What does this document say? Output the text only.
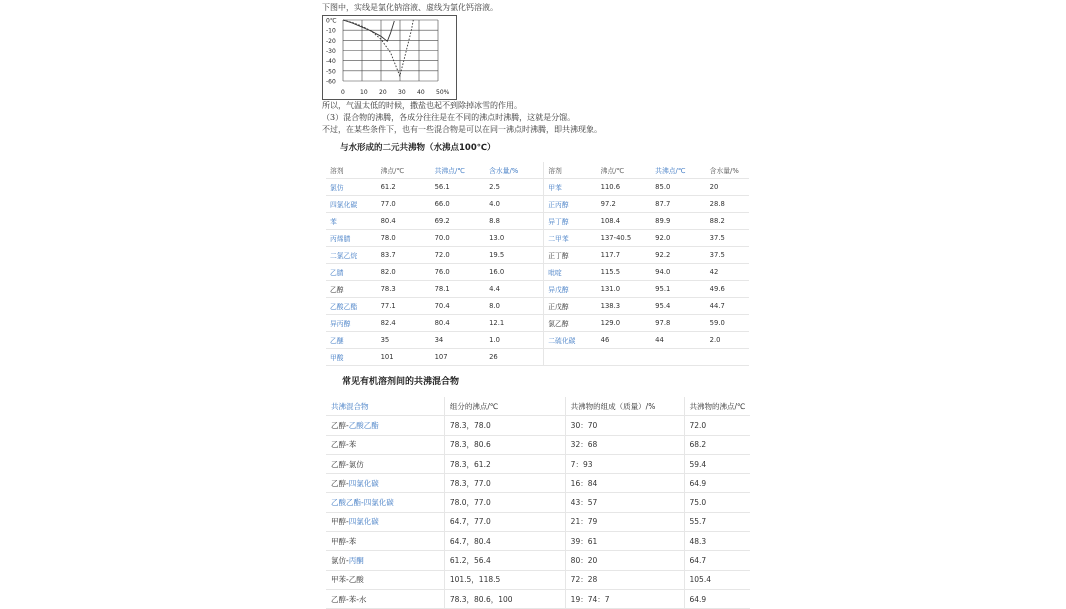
下图中，实线是氯化钠溶液、虚线为氯化钙溶液。
0℃
-10
-20
-30
-40
-50
-60
0	10 20 30 40 50%
所以，气温太低的时候，撒盐也起不到除掉冰雪的作用。
（3）混合物的沸腾，各成分往往是在不同的沸点时沸腾，这就是分馏。
不过，在某些条件下，也有一些混合物是可以在同一沸点时沸腾，即共沸现象。
与水形成的二元共沸物（水沸点100℃）
溶剂	沸点/℃	共沸点/℃	含水量/%	溶剂	沸点/℃	共沸点/℃	含水量/%
氯仿	61.2	56.1	2.5	甲苯	110.6	85.0	20
四氯化碳	77.0	66.0	4.0	正丙醇	97.2	87.7	28.8
苯	80.4	69.2	8.8	异丁醇	108.4	89.9	88.2
丙烯腈	78.0	70.0	13.0	二甲苯	137-40.5	92.0	37.5
二氯乙烷	83.7	72.0	19.5	正丁醇	117.7	92.2	37.5
乙腈	82.0	76.0	16.0	吡啶	115.5	94.0	42
乙醇	78.3	78.1	4.4	异戊醇	131.0	95.1	49.6
乙酸乙酯	77.1	70.4	8.0	正戊醇	138.3	95.4	44.7
异丙醇	82.4	80.4	12.1	氯乙醇	129.0	97.8	59.0
乙醚	35	34	1.0	二硫化碳	46	44	2.0
甲酸	101	107	26				
常见有机溶剂间的共沸混合物
共沸混合物	组分的沸点/℃	共沸物的组成（质量）/%	共沸物的沸点/℃
乙醇-乙酸乙酯	78.3，78.0	30：70	72.0
乙醇-苯	78.3，80.6	32：68	68.2
乙醇-氯仿	78.3，61.2	7：93	59.4
乙醇-四氯化碳	78.3，77.0	16：84	64.9
乙酸乙酯-四氯化碳	78.0，77.0	43：57	75.0
甲醇-四氯化碳	64.7，77.0	21：79	55.7
甲醇-苯	64.7，80.4	39：61	48.3
氯仿-丙酮	61.2，56.4	80：20	64.7
甲苯-乙酸	101.5，118.5	72：28	105.4
乙醇-苯-水	78.3，80.6，100	19：74：7	64.9
